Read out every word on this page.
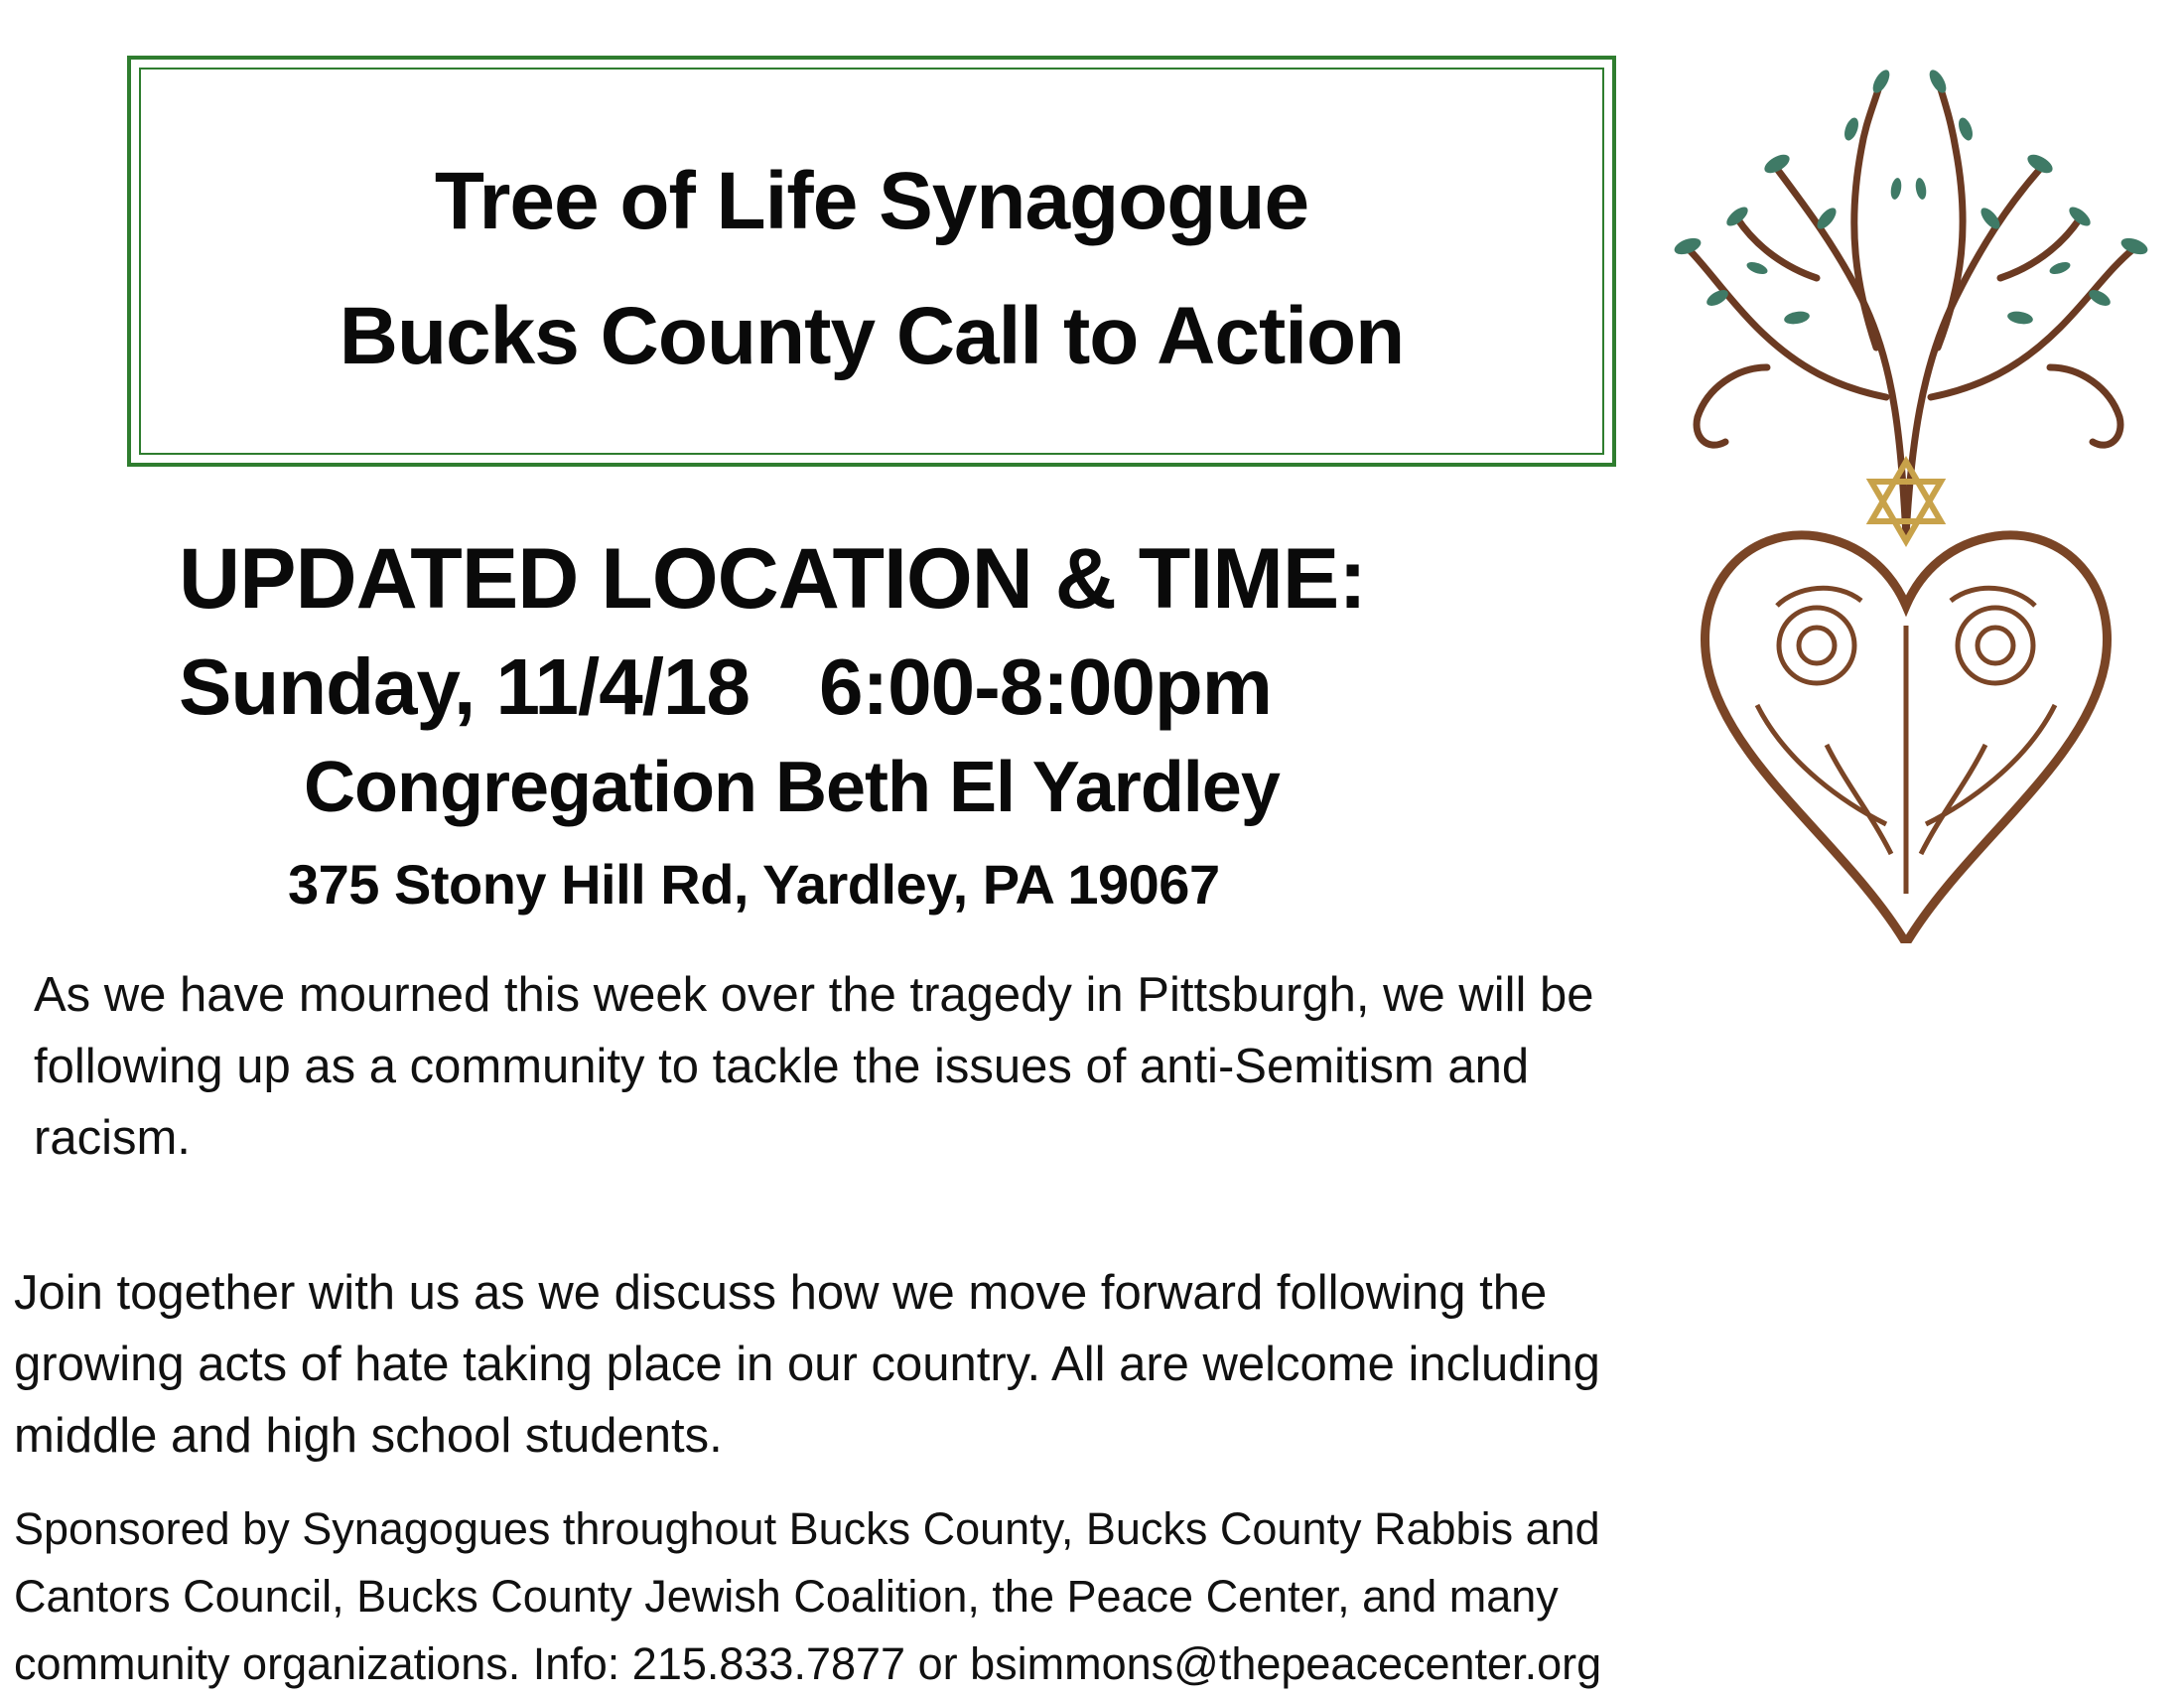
Tree of Life Synagogue
Bucks County Call to Action
UPDATED LOCATION & TIME:
Sunday, 11/4/18 6:00-8:00pm
Congregation Beth El Yardley
375 Stony Hill Rd, Yardley, PA 19067
As we have mourned this week over the tragedy in Pittsburgh, we will be
following up as a community to tackle the issues of anti-Semitism and
racism.
Join together with us as we discuss how we move forward following the
growing acts of hate taking place in our country. All are welcome including
middle and high school students.
Sponsored by Synagogues throughout Bucks County, Bucks County Rabbis and
Cantors Council, Bucks County Jewish Coalition, the Peace Center, and many
community organizations. Info: 215.833.7877 or bsimmons@thepeacecenter.org
